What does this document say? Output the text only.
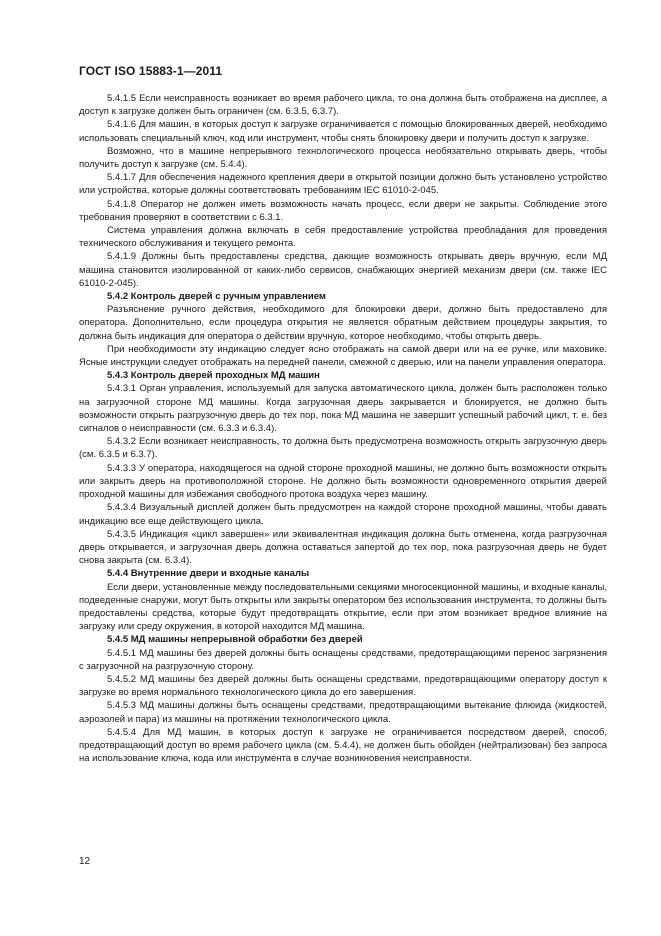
ГОСТ ISO 15883-1—2011

5.4.1.5 Если неисправность возникает во время рабочего цикла, то она должна быть отображена на дисплее, а доступ к загрузке должен быть ограничен (см. 6.3.5, 6.3.7).

5.4.1.6 Для машин, в которых доступ к загрузке ограничивается с помощью блокированных дверей, необходимо использовать специальный ключ, код или инструмент, чтобы снять блокировку двери и получить доступ к загрузке.

Возможно, что в машине непрерывного технологического процесса необязательно открывать дверь, чтобы получить доступ к загрузке (см. 5.4.4).

5.4.1.7 Для обеспечения надежного крепления двери в открытой позиции должно быть установлено устройство или устройства, которые должны соответствовать требованиям IEC 61010-2-045.

5.4.1.8 Оператор не должен иметь возможность начать процесс, если двери не закрыты. Соблюдение этого требования проверяют в соответствии с 6.3.1.

Система управления должна включать в себя предоставление устройства преобладания для проведения технического обслуживания и текущего ремонта.

5.4.1.9 Должны быть предоставлены средства, дающие возможность открывать дверь вручную, если МД машина становится изолированной от каких-либо сервисов, снабжающих энергией механизм двери (см. также IEC 61010-2-045).

5.4.2 Контроль дверей с ручным управлением

Разъяснение ручного действия, необходимого для блокировки двери, должно быть предоставлено для оператора. Дополнительно, если процедура открытия не является обратным действием процедуры закрытия, то должна быть индикация для оператора о действии вручную, которое необходимо, чтобы открыть дверь.

При необходимости эту индикацию следует ясно отображать на самой двери или на ее ручке, или маховике. Ясные инструкции следует отображать на передней панели, смежной с дверью, или на панели управления оператора.

5.4.3 Контроль дверей проходных МД машин

5.4.3.1 Орган управления, используемый для запуска автоматического цикла, должен быть расположен только на загрузочной стороне МД машины. Когда загрузочная дверь закрывается и блокируется, не должно быть возможности открыть разгрузочную дверь до тех пор, пока МД машина не завершит успешный рабочий цикл, т. е. без сигналов о неисправности (см. 6.3.3 и 6.3.4).

5.4.3.2 Если возникает неисправность, то должна быть предусмотрена возможность открыть загрузочную дверь (см. 6.3.5 и 6.3.7).

5.4.3.3 У оператора, находящегося на одной стороне проходной машины, не должно быть возможности открыть или закрыть дверь на противоположной стороне. Не должно быть возможности одновременного открытия дверей проходной машины для избежания свободного протока воздуха через машину.

5.4.3.4 Визуальный дисплей должен быть предусмотрен на каждой стороне проходной машины, чтобы давать индикацию все еще действующего цикла.

5.4.3.5 Индикация «цикл завершен» или эквивалентная индикация должна быть отменена, когда разгрузочная дверь открывается, и загрузочная дверь должна оставаться запертой до тех пор, пока разгрузочная дверь не будет снова закрыта (см. 6.3.4).

5.4.4 Внутренние двери и входные каналы

Если двери, установленные между последовательными секциями многосекционной машины, и входные каналы, подведенные снаружи, могут быть открыты или закрыты оператором без использования инструмента, то должны быть предоставлены средства, которые будут предотвращать открытие, если при этом возникает вредное влияние на загрузку или среду окружения, в которой находится МД машина.

5.4.5 МД машины непрерывной обработки без дверей

5.4.5.1 МД машины без дверей должны быть оснащены средствами, предотвращающими перенос загрязнения с загрузочной на разгрузочную сторону.

5.4.5.2 МД машины без дверей должны быть оснащены средствами, предотвращающими оператору доступ к загрузке во время нормального технологического цикла до его завершения.

5.4.5.3 МД машины должны быть оснащены средствами, предотвращающими вытекание флюида (жидкостей, аэрозолей и пара) из машины на протяжении технологического цикла.

5.4.5.4 Для МД машин, в которых доступ к загрузке не ограничивается посредством дверей, способ, предотвращающий доступ во время рабочего цикла (см. 5.4.4), не должен быть обойден (нейтрализован) без запроса на использование ключа, кода или инструмента в случае возникновения неисправности.

12
